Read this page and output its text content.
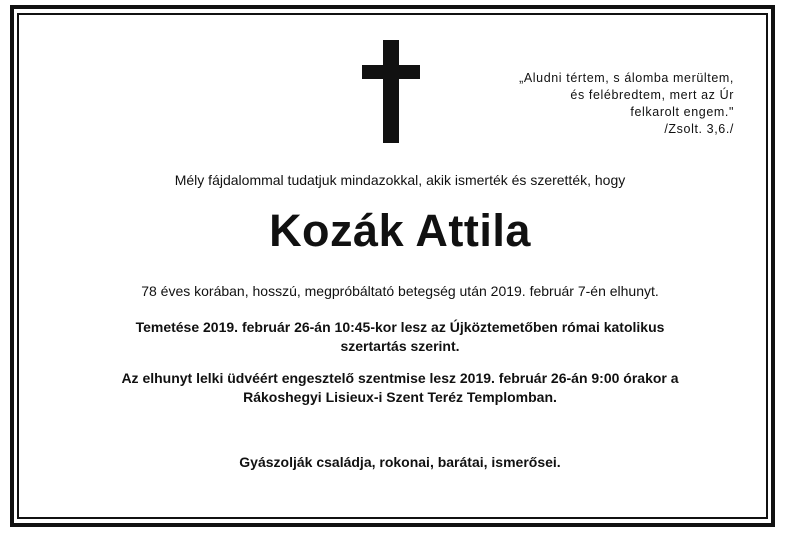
„Aludni tértem, s álomba merültem,
és felébredtem, mert az Úr
felkarolt engem."
/Zsolt. 3,6./
Mély fájdalommal tudatjuk mindazokkal, akik ismerték és szerették, hogy
Kozák Attila
78 éves korában, hosszú, megpróbáltató betegség után 2019. február 7-én elhunyt.
Temetése 2019. február 26-án 10:45-kor lesz az Újköztemetőben római katolikus
szertartás szerint.
Az elhunyt lelki üdvéért engesztelő szentmise lesz 2019. február 26-án 9:00 órakor a
Rákoshegyi Lisieux-i Szent Teréz Templomban.
Gyászolják családja, rokonai, barátai, ismerősei.
